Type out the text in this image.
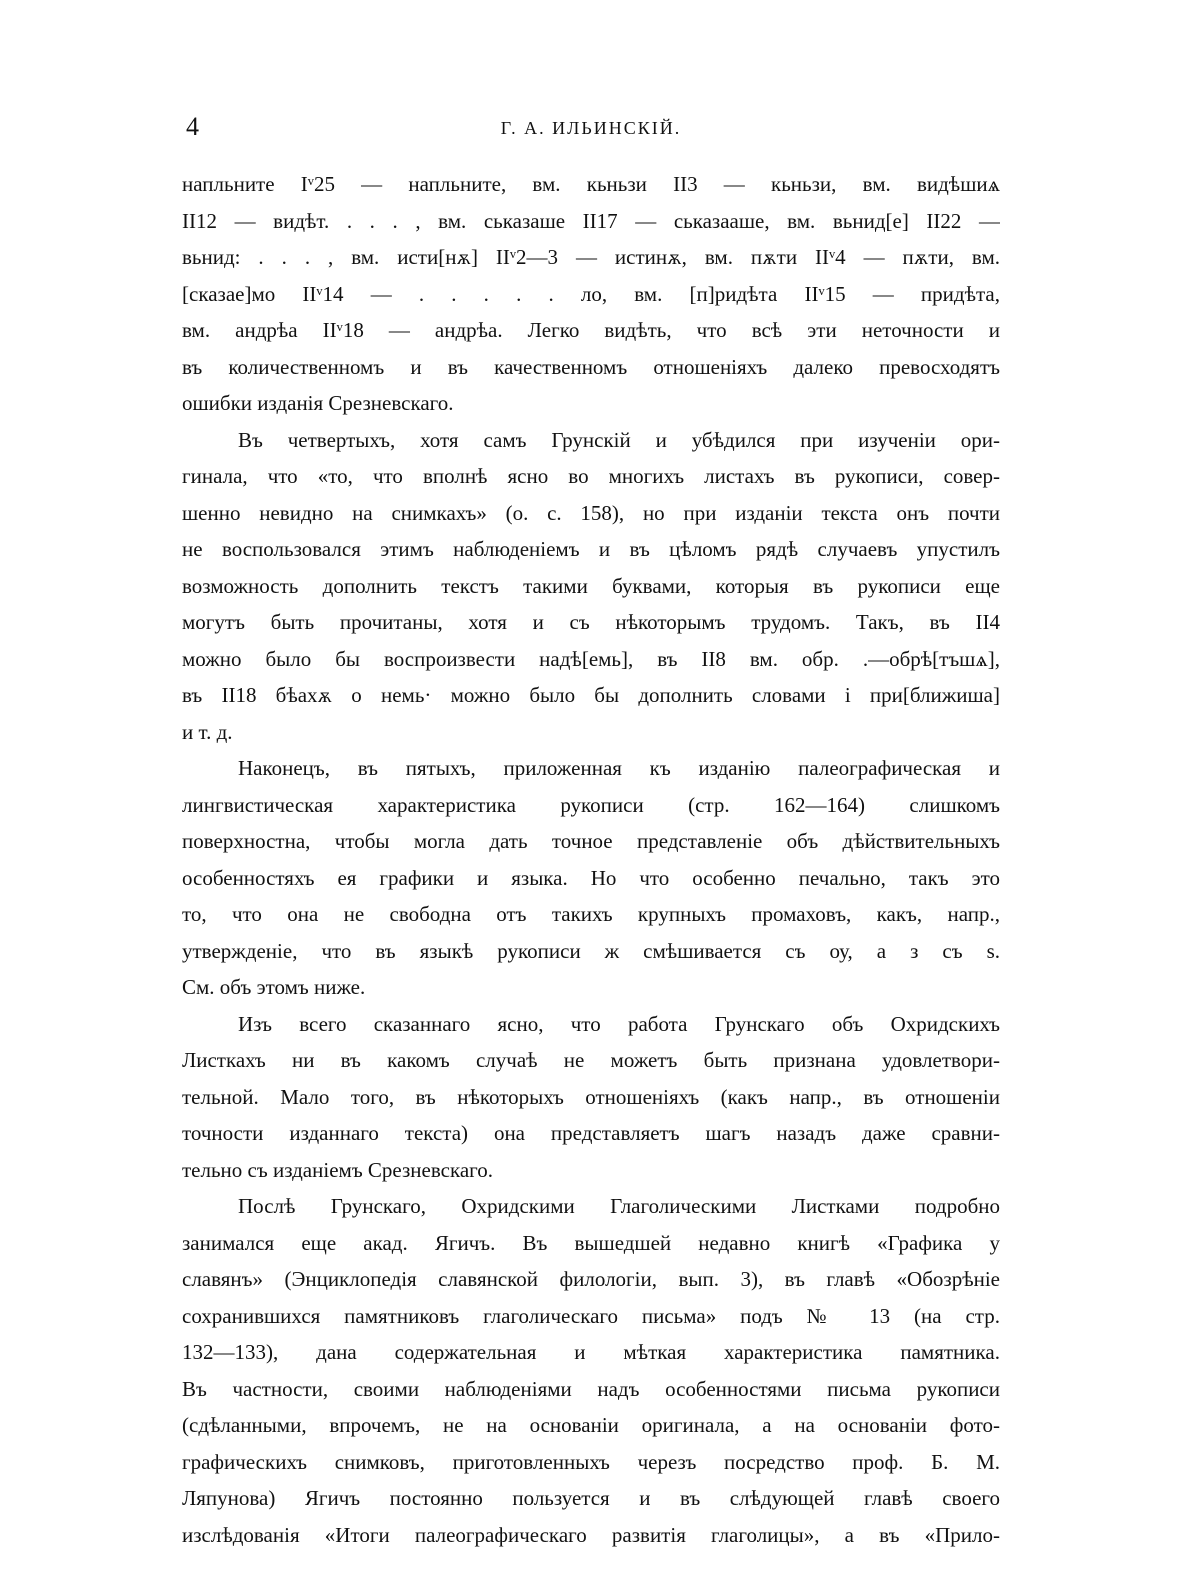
4	Г. А. ИЛЬИНСКІЙ.
напльните Iᵛ25 — напльните, вм. кьньзи II3 — кьньзи, вм. видѣшиѧ
II12 — видѣт. . . . , вм. ськазаше II17 — ськазааше, вм. вьнид[е] II22 —
вьнид: . . . , вм. исти[нѫ] IIᵛ2—3 — истинѫ, вм. пѫти IIᵛ4 — пѫти, вм.
[сказае]мо IIᵛ14 — . . . . . ло, вм. [п]ридѣта IIᵛ15 — придѣта,
вм. андрѣа IIᵛ18 — андрѣа. Легко видѣть, что всѣ эти неточности и
въ количественномъ и въ качественномъ отношеніяхъ далеко превосходятъ
ошибки изданія Срезневскаго.
Въ четвертыхъ, хотя самъ Грунскій и убѣдился при изученіи ори-
гинала, что «то, что вполнѣ ясно во многихъ листахъ въ рукописи, совер-
шенно невидно на снимкахъ» (о. с. 158), но при изданіи текста онъ почти
не воспользовался этимъ наблюденіемъ и въ цѣломъ рядѣ случаевъ упустилъ
возможность дополнить текстъ такими буквами, которыя въ рукописи еще
могутъ быть прочитаны, хотя и съ нѣкоторымъ трудомъ. Такъ, въ II4
можно было бы воспроизвести надѣ[емь], въ II8 вм. обр. .—обрѣ[тъшѧ],
въ II18 бѣахѫ о немь· можно было бы дополнить словами і при[ближиша]
и т. д.
Наконецъ, въ пятыхъ, приложенная къ изданію палеографическая и
лингвистическая характеристика рукописи (стр. 162—164) слишкомъ
поверхностна, чтобы могла дать точное представленіе объ дѣйствительныхъ
особенностяхъ ея графики и языка. Но что особенно печально, такъ это
то, что она не свободна отъ такихъ крупныхъ промаховъ, какъ, напр.,
утвержденіе, что въ языкѣ рукописи ж смѣшивается съ оу, а з съ ѕ.
См. объ этомъ ниже.
Изъ всего сказаннаго ясно, что работа Грунскаго объ Охридскихъ
Листкахъ ни въ какомъ случаѣ не можетъ быть признана удовлетвори-
тельной. Мало того, въ нѣкоторыхъ отношеніяхъ (какъ напр., въ отношеніи
точности изданнаго текста) она представляетъ шагъ назадъ даже сравни-
тельно съ изданіемъ Срезневскаго.
Послѣ Грунскаго, Охридскими Глаголическими Листками подробно
занимался еще акад. Ягичъ. Въ вышедшей недавно книгѣ «Графика у
славянъ» (Энциклопедія славянской филологіи, вып. 3), въ главѣ «Обозрѣніе
сохранившихся памятниковъ глаголическаго письма» подъ № 13 (на стр.
132—133), дана содержательная и мѣткая характеристика памятника.
Въ частности, своими наблюденіями надъ особенностями письма рукописи
(сдѣланными, впрочемъ, не на основаніи оригинала, а на основаніи фото-
графическихъ снимковъ, приготовленныхъ черезъ посредство проф. Б. М.
Ляпунова) Ягичъ постоянно пользуется и въ слѣдующей главѣ своего
изслѣдованія «Итоги палеографическаго развитія глаголицы», а въ «Прило-
